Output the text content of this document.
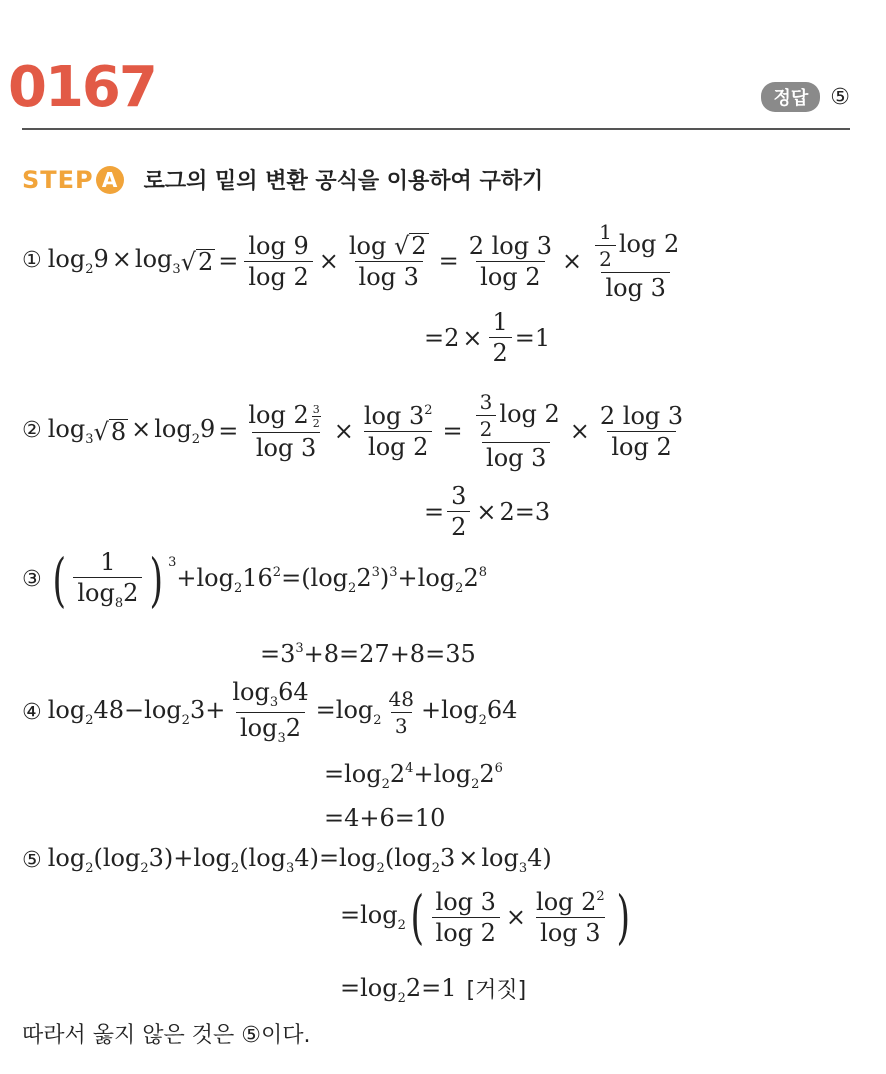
0167	정답	⑤
STEP A 로그의 밑의 변환 공식을 이용하여 구하기
① $\log_29 \times \log_3$ √ $2 = \frac{\log 9}{\log 2} \times \frac{\log √ 2}{\log 3} = \frac{2 \log 3}{\log 2} \times \frac{\frac{1}{2} \log 2}{\log 3}$
$=2 \times \frac{1}{2} =1$
② $\log_3$ √ $8 \times \log_29 = \frac{\log 2 \frac{3}{2}}{\log 3} \times \frac{\log 3^2}{\log 2} = \frac{\frac{3}{2} \log 2}{\log 3} \times \frac{2 \log 3}{\log 2}$
= $\frac{3}{2} \times 2=3$
③ ( $\frac{1}{\log_82}$ ) 3
$+\log_216^2=(\log_22^3)^3+\log_22^8$
$=3^3+8=27+8=35$
④ $\log_248-\log_23+ \frac{\log_364}{\log_32} =\log_2 \frac{48}{3} +\log_264$
$=\log_22^4+\log_22^6$
=4+6=10
⑤ $\log_2(\log_23)+\log_2(\log_34)=\log_2(\log_23 \times \log_34)$
$=\log_2$ ( $\frac{\log 3}{\log 2} \times \frac{\log 2^2}{\log 3}$ )
$=\log_22=1$ [거짓]
따라서 옳지 않은 것은 ⑤이다.
